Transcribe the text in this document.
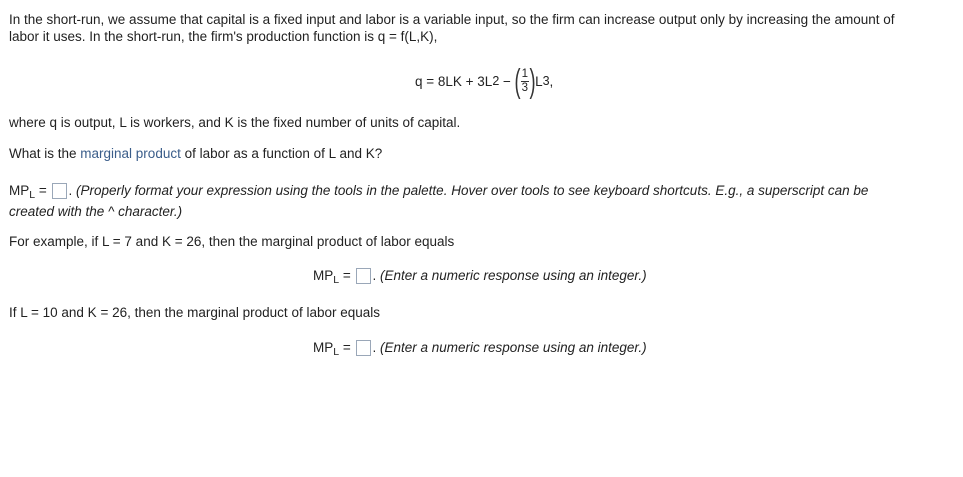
In the short-run, we assume that capital is a fixed input and labor is a variable input, so the firm can increase output only by increasing the amount of
labor it uses. In the short-run, the firm's production function is q = f(L,K),
q = 8LK + 3L 2 − ( $\frac{1}{3}$ ) L 3 ,
where q is output, L is workers, and K is the fixed number of units of capital.
What is the marginal product of labor as a function of L and K?
$MP_L$ = . (Properly format your expression using the tools in the palette. Hover over tools to see keyboard shortcuts. E.g., a superscript can be
created with the ^ character.)
For example, if L = 7 and K = 26, then the marginal product of labor equals
$MP_L$ = . (Enter a numeric response using an integer.)
If L = 10 and K = 26, then the marginal product of labor equals
$MP_L$ = . (Enter a numeric response using an integer.)
